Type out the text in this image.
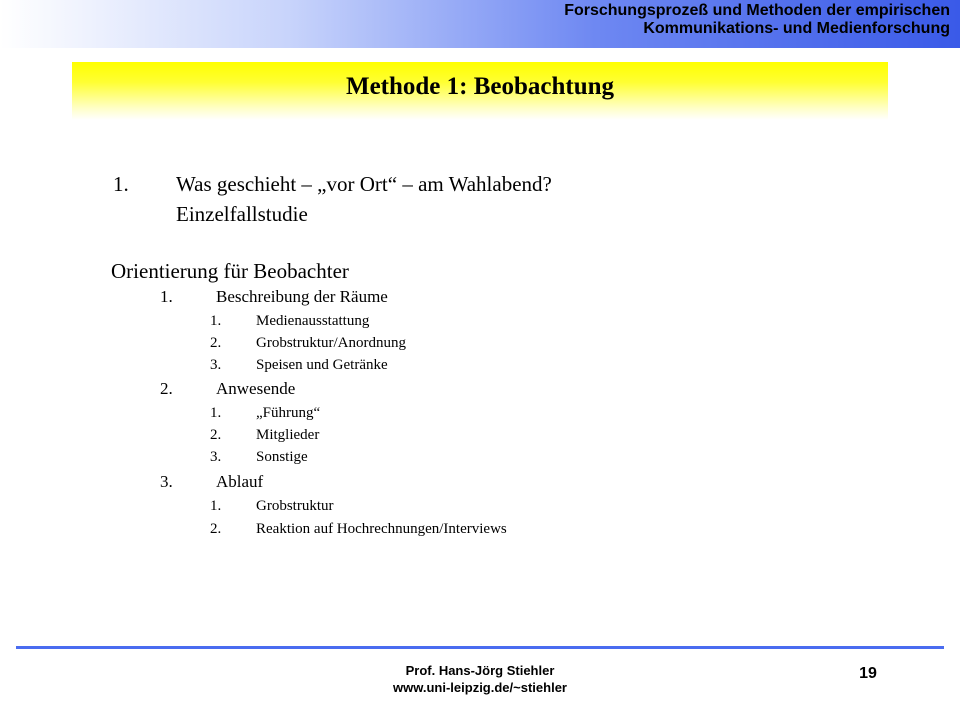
Forschungsprozeß und Methoden der empirischen
Kommunikations- und Medienforschung
Methode 1: Beobachtung
1. Was geschieht – „vor Ort“ – am Wahlabend?
Einzelfallstudie
Orientierung für Beobachter
1.	Beschreibung der Räume
1. Medienausstattung
2. Grobstruktur/Anordnung
3. Speisen und Getränke
2.	Anwesende
1. „Führung“
2. Mitglieder
3. Sonstige
3.	Ablauf
1. Grobstruktur
2. Reaktion auf Hochrechnungen/Interviews
Prof. Hans-Jörg Stiehler
www.uni-leipzig.de/~stiehler
19
